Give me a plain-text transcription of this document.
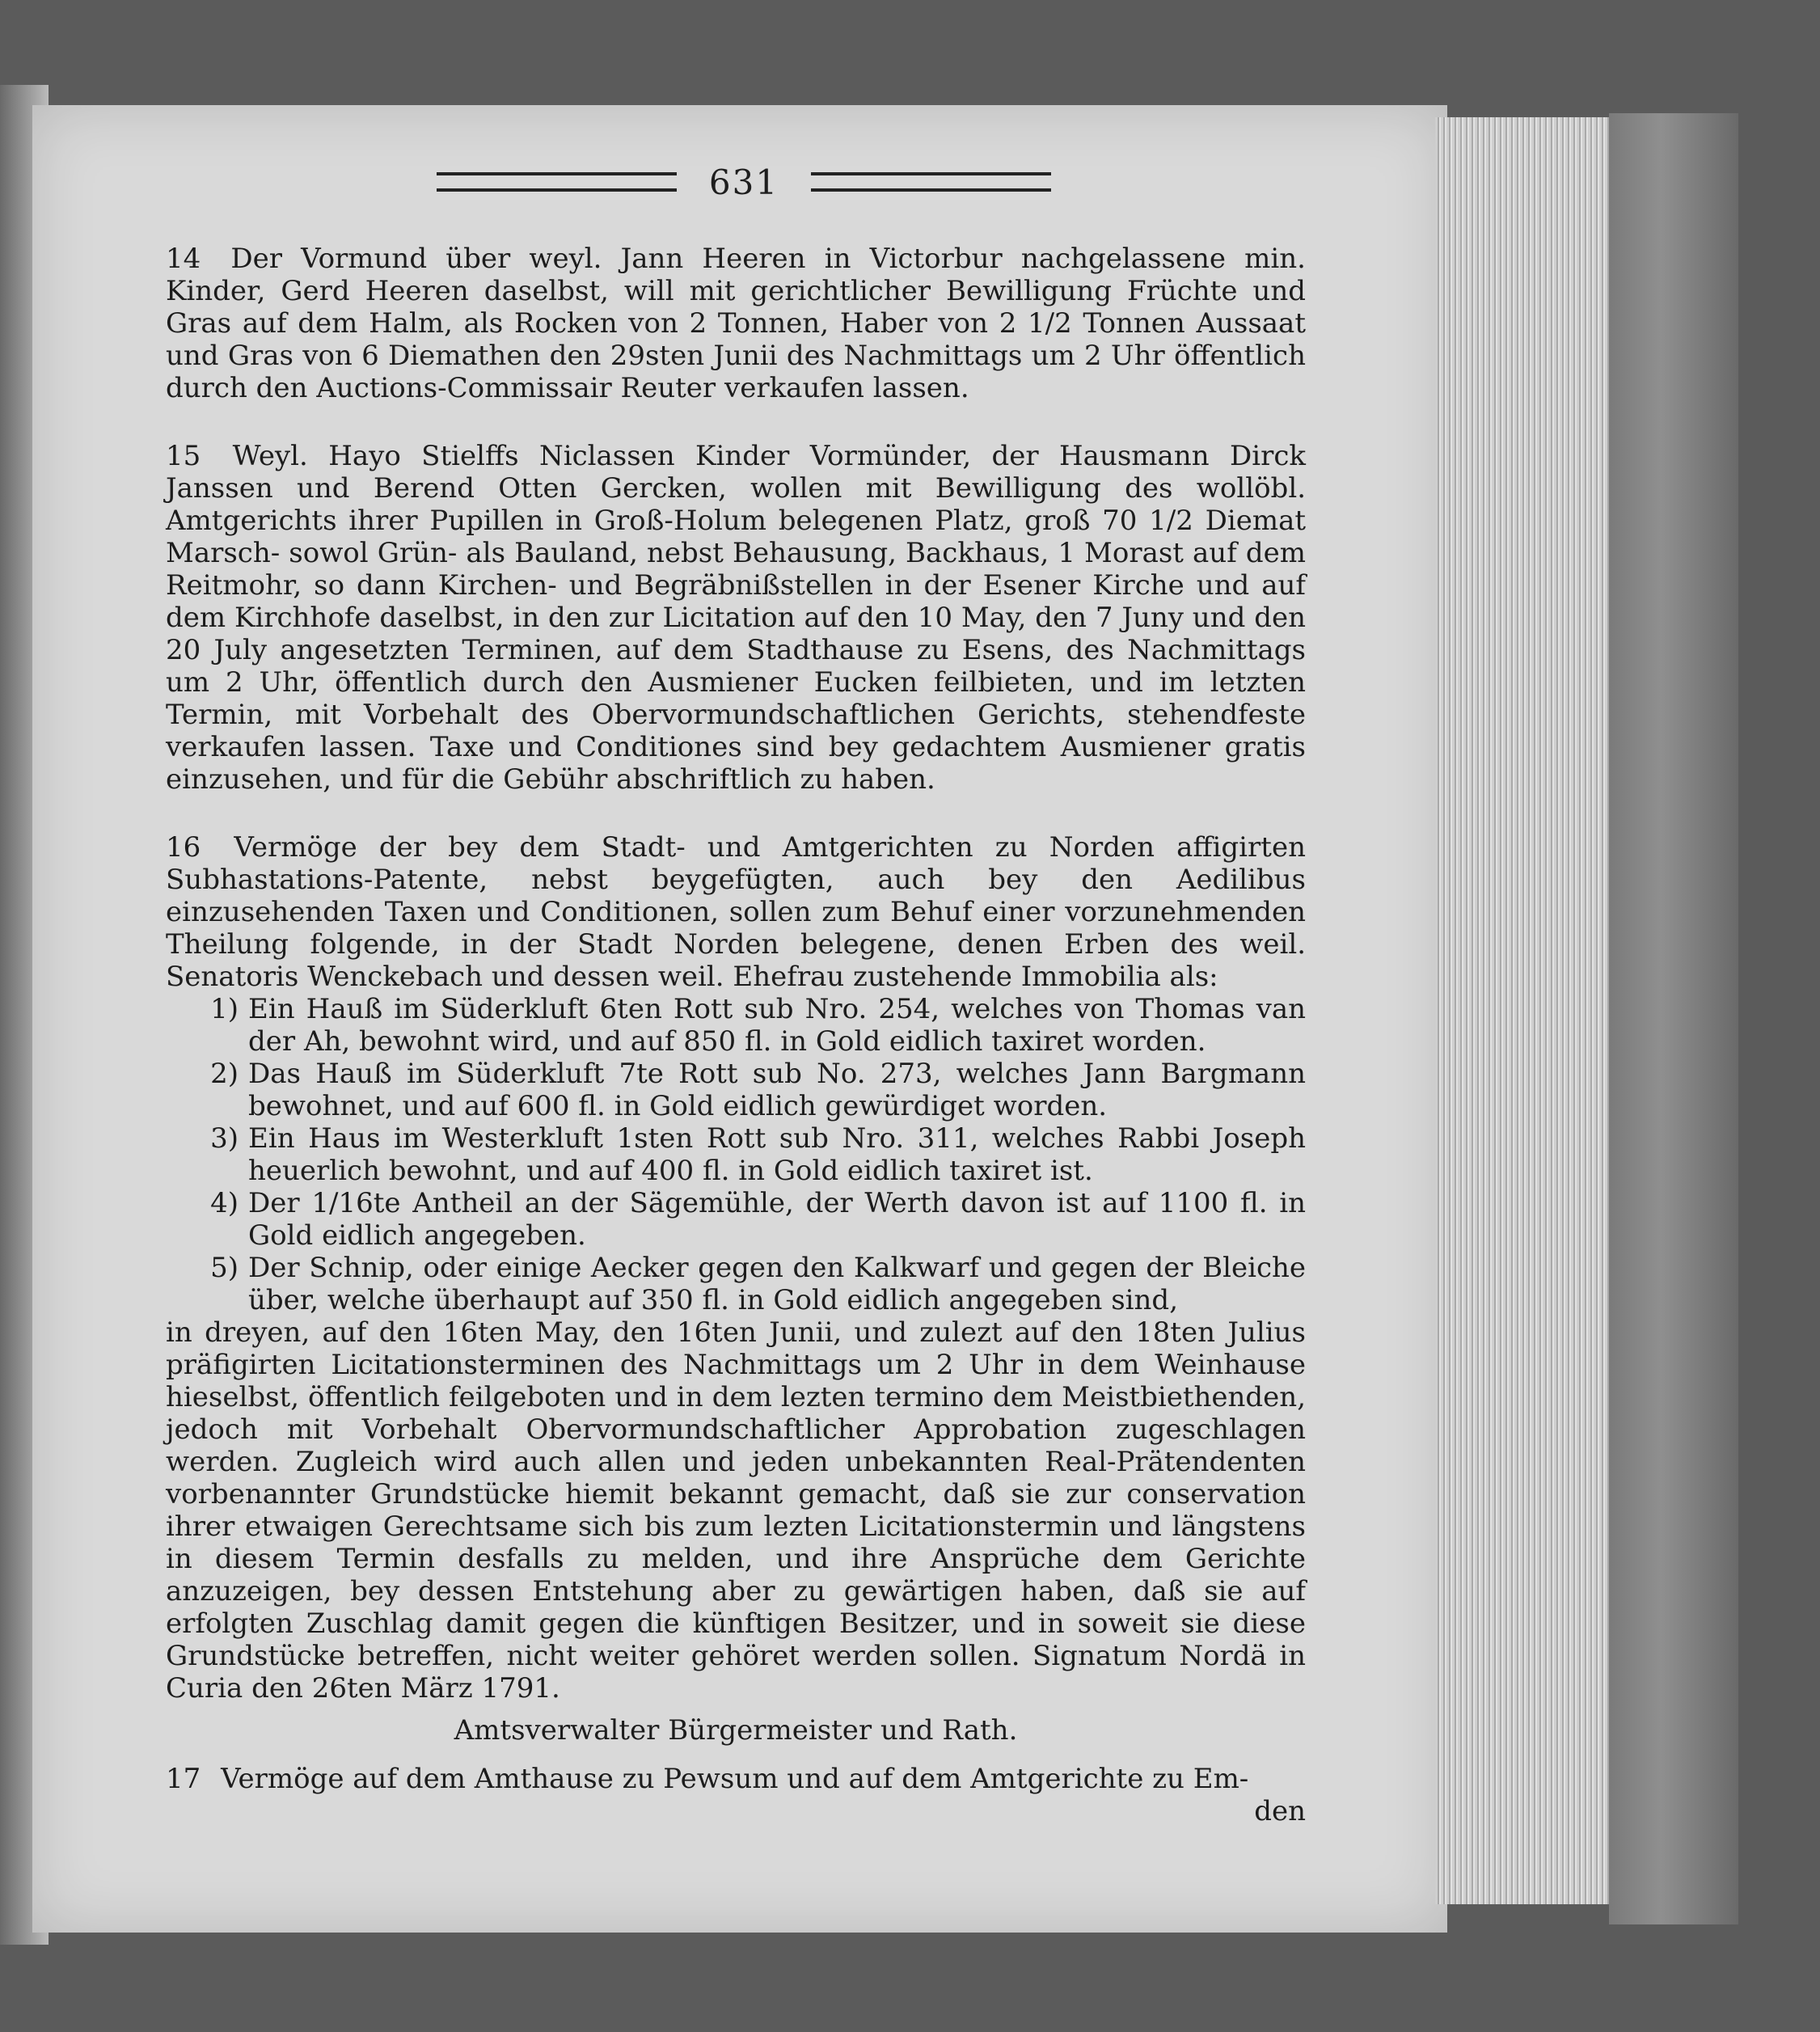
631

14 Der Vormund über weyl. Jann Heeren in Victorbur nachgelassene min. Kinder, Gerd Heeren daselbst, will mit gerichtlicher Bewilligung Früchte und Gras auf dem Halm, als Rocken von 2 Tonnen, Haber von 2 1/2 Tonnen Aussaat und Gras von 6 Diemathen den 29sten Junii des Nachmittags um 2 Uhr öffentlich durch den Auctions-Commissair Reuter verkaufen lassen.

15 Weyl. Hayo Stielffs Niclassen Kinder Vormünder, der Hausmann Dirck Janssen und Berend Otten Gercken, wollen mit Bewilligung des wollöbl. Amtgerichts ihrer Pupillen in Groß-Holum belegenen Platz, groß 70 1/2 Diemat Marsch- sowol Grün- als Bauland, nebst Behausung, Backhaus, 1 Morast auf dem Reitmohr, so dann Kirchen- und Begräbnißstellen in der Esener Kirche und auf dem Kirchhofe daselbst, in den zur Licitation auf den 10 May, den 7 Juny und den 20 July angesetzten Terminen, auf dem Stadthause zu Esens, des Nachmittags um 2 Uhr, öffentlich durch den Ausmiener Eucken feilbieten, und im letzten Termin, mit Vorbehalt des Obervormundschaftlichen Gerichts, stehendfeste verkaufen lassen. Taxe und Conditiones sind bey gedachtem Ausmiener gratis einzusehen, und für die Gebühr abschriftlich zu haben.

16 Vermöge der bey dem Stadt- und Amtgerichten zu Norden affigirten Subhastations-Patente, nebst beygefügten, auch bey den Aedilibus einzusehenden Taxen und Conditionen, sollen zum Behuf einer vorzunehmenden Theilung folgende, in der Stadt Norden belegene, denen Erben des weil. Senatoris Wenckebach und dessen weil. Ehefrau zustehende Immobilia als:

1) Ein Hauß im Süderkluft 6ten Rott sub Nro. 254, welches von Thomas van der Ah, bewohnt wird, und auf 850 fl. in Gold eidlich taxiret worden.
2) Das Hauß im Süderkluft 7te Rott sub No. 273, welches Jann Bargmann bewohnet, und auf 600 fl. in Gold eidlich gewürdiget worden.
3) Ein Haus im Westerkluft 1sten Rott sub Nro. 311, welches Rabbi Joseph heuerlich bewohnt, und auf 400 fl. in Gold eidlich taxiret ist.
4) Der 1/16te Antheil an der Sägemühle, der Werth davon ist auf 1100 fl. in Gold eidlich angegeben.
5) Der Schnip, oder einige Aecker gegen den Kalkwarf und gegen der Bleiche über, welche überhaupt auf 350 fl. in Gold eidlich angegeben sind,

in dreyen, auf den 16ten May, den 16ten Junii, und zulezt auf den 18ten Julius präfigirten Licitationsterminen des Nachmittags um 2 Uhr in dem Weinhause hieselbst, öffentlich feilgeboten und in dem lezten termino dem Meistbiethenden, jedoch mit Vorbehalt Obervormundschaftlicher Approbation zugeschlagen werden. Zugleich wird auch allen und jeden unbekannten Real-Prätendenten vorbenannter Grundstücke hiemit bekannt gemacht, daß sie zur conservation ihrer etwaigen Gerechtsame sich bis zum lezten Licitationstermin und längstens in diesem Termin desfalls zu melden, und ihre Ansprüche dem Gerichte anzuzeigen, bey dessen Entstehung aber zu gewärtigen haben, daß sie auf erfolgten Zuschlag damit gegen die künftigen Besitzer, und in soweit sie diese Grundstücke betreffen, nicht weiter gehöret werden sollen. Signatum Nordä in Curia den 26ten März 1791.

Amtsverwalter Bürgermeister und Rath.

17 Vermöge auf dem Amthause zu Pewsum und auf dem Amtgerichte zu Em-

den
